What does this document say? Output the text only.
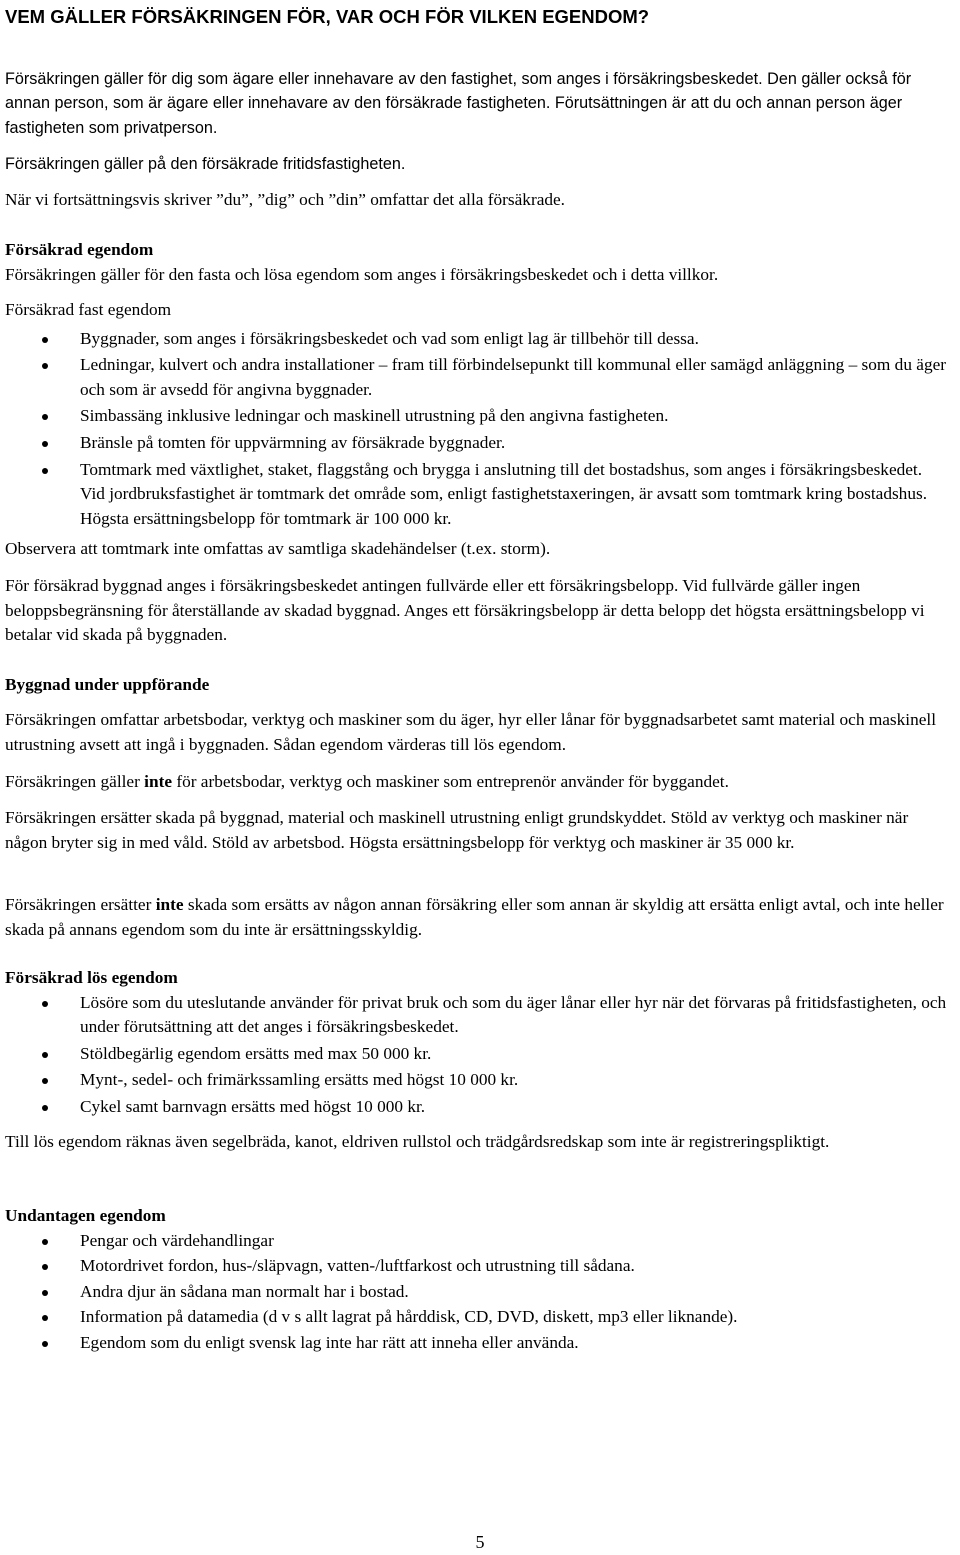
VEM GÄLLER FÖRSÄKRINGEN FÖR, VAR OCH FÖR VILKEN EGENDOM?

Försäkringen gäller för dig som ägare eller innehavare av den fastighet, som anges i försäkringsbeskedet. Den gäller också för annan person, som är ägare eller innehavare av den försäkrade fastigheten. Förutsättningen är att du och annan person äger fastigheten som privatperson.

Försäkringen gäller på den försäkrade fritidsfastigheten.

När vi fortsättningsvis skriver ”du”, ”dig” och ”din” omfattar det alla försäkrade.

Försäkrad egendom

Försäkringen gäller för den fasta och lösa egendom som anges i försäkringsbeskedet och i detta villkor.

Försäkrad fast egendom

Byggnader, som anges i försäkringsbeskedet och vad som enligt lag är tillbehör till dessa.
Ledningar, kulvert och andra installationer – fram till förbindelsepunkt till kommunal eller samägd anläggning – som du äger och som är avsedd för angivna byggnader.
Simbassäng inklusive ledningar och maskinell utrustning på den angivna fastigheten.
Bränsle på tomten för uppvärmning av försäkrade byggnader.
Tomtmark med växtlighet, staket, flaggstång och brygga i anslutning till det bostadshus, som anges i försäkringsbeskedet. Vid jordbruksfastighet är tomtmark det område som, enligt fastighetstaxeringen, är avsatt som tomtmark kring bostadshus. Högsta ersättningsbelopp för tomtmark är 100 000 kr.

Observera att tomtmark inte omfattas av samtliga skadehändelser (t.ex. storm).

För försäkrad byggnad anges i försäkringsbeskedet antingen fullvärde eller ett försäkringsbelopp. Vid fullvärde gäller ingen beloppsbegränsning för återställande av skadad byggnad. Anges ett försäkringsbelopp är detta belopp det högsta ersättningsbelopp vi betalar vid skada på byggnaden.

Byggnad under uppförande

Försäkringen omfattar arbetsbodar, verktyg och maskiner som du äger, hyr eller lånar för byggnadsarbetet samt material och maskinell utrustning avsett att ingå i byggnaden. Sådan egendom värderas till lös egendom.

Försäkringen gäller inte för arbetsbodar, verktyg och maskiner som entreprenör använder för byggandet.

Försäkringen ersätter skada på byggnad, material och maskinell utrustning enligt grundskyddet. Stöld av verktyg och maskiner när någon bryter sig in med våld. Stöld av arbetsbod. Högsta ersättningsbelopp för verktyg och maskiner är 35 000 kr.

Försäkringen ersätter inte skada som ersätts av någon annan försäkring eller som annan är skyldig att ersätta enligt avtal, och inte heller skada på annans egendom som du inte är ersättningsskyldig.

Försäkrad lös egendom

Lösöre som du uteslutande använder för privat bruk och som du äger lånar eller hyr när det förvaras på fritidsfastigheten, och under förutsättning att det anges i försäkringsbeskedet.
Stöldbegärlig egendom ersätts med max 50 000 kr.
Mynt-, sedel- och frimärkssamling ersätts med högst 10 000 kr.
Cykel samt barnvagn ersätts med högst 10 000 kr.

Till lös egendom räknas även segelbräda, kanot, eldriven rullstol och trädgårdsredskap som inte är registreringspliktigt.

Undantagen egendom

Pengar och värdehandlingar
Motordrivet fordon, hus-/släpvagn, vatten-/luftfarkost och utrustning till sådana.
Andra djur än sådana man normalt har i bostad.
Information på datamedia (d v s allt lagrat på hårddisk, CD, DVD, diskett, mp3 eller liknande).
Egendom som du enligt svensk lag inte har rätt att inneha eller använda.
5
